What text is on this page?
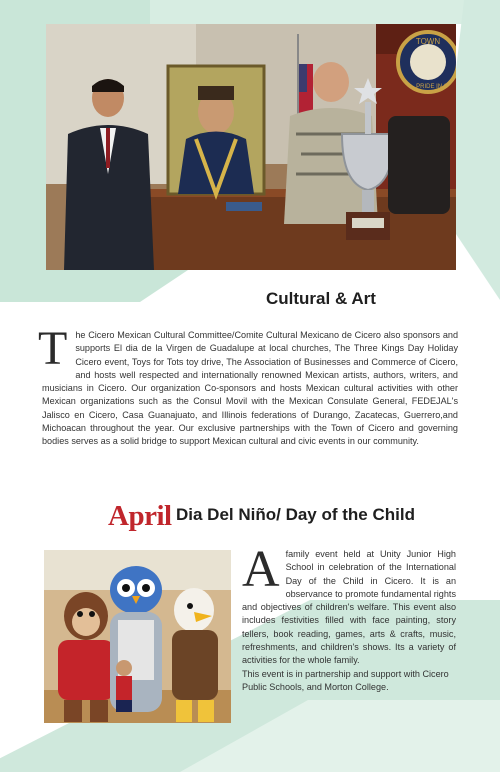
TOWN
PRIDE IN S
Cultural & Art
The Cicero Mexican Cultural Committee/Comite Cultural Mexicano de Cicero also sponsors and supports El dia de la Virgen de Guadalupe at local churches, The Three Kings Day Holiday Cicero event, Toys for Tots toy drive, The Association of Businesses and Commerce of Cicero, and hosts well respected and internationally renowned Mexican artists, authors, writers, and musicians in Cicero. Our organization Co-sponsors and hosts Mexican cultural activities with other Mexican organizations such as the Consul Movil with the Mexican Consulate General, FEDEJAL's Jalisco en Cicero, Casa Guanajuato, and Illinois federations of Durango, Zacatecas, Guerrero,and Michoacan throughout the year. Our exclusive partnerships with the Town of Cicero and governing bodies serves as a solid bridge to support Mexican cultural and civic events in our community.
April Dia Del Niño/ Day of the Child
Afamily event held at Unity Junior High School in celebration of the International Day of the Child in Cicero. It is an observance to promote fundamental rights and objectives of children's welfare. This event also includes festivities filled with face painting, story tellers, book reading, games, arts & crafts, music, refreshments, and children's shows. Its a variety of activities for the whole family.
This event is in partnership and support with Cicero Public Schools, and Morton College.
